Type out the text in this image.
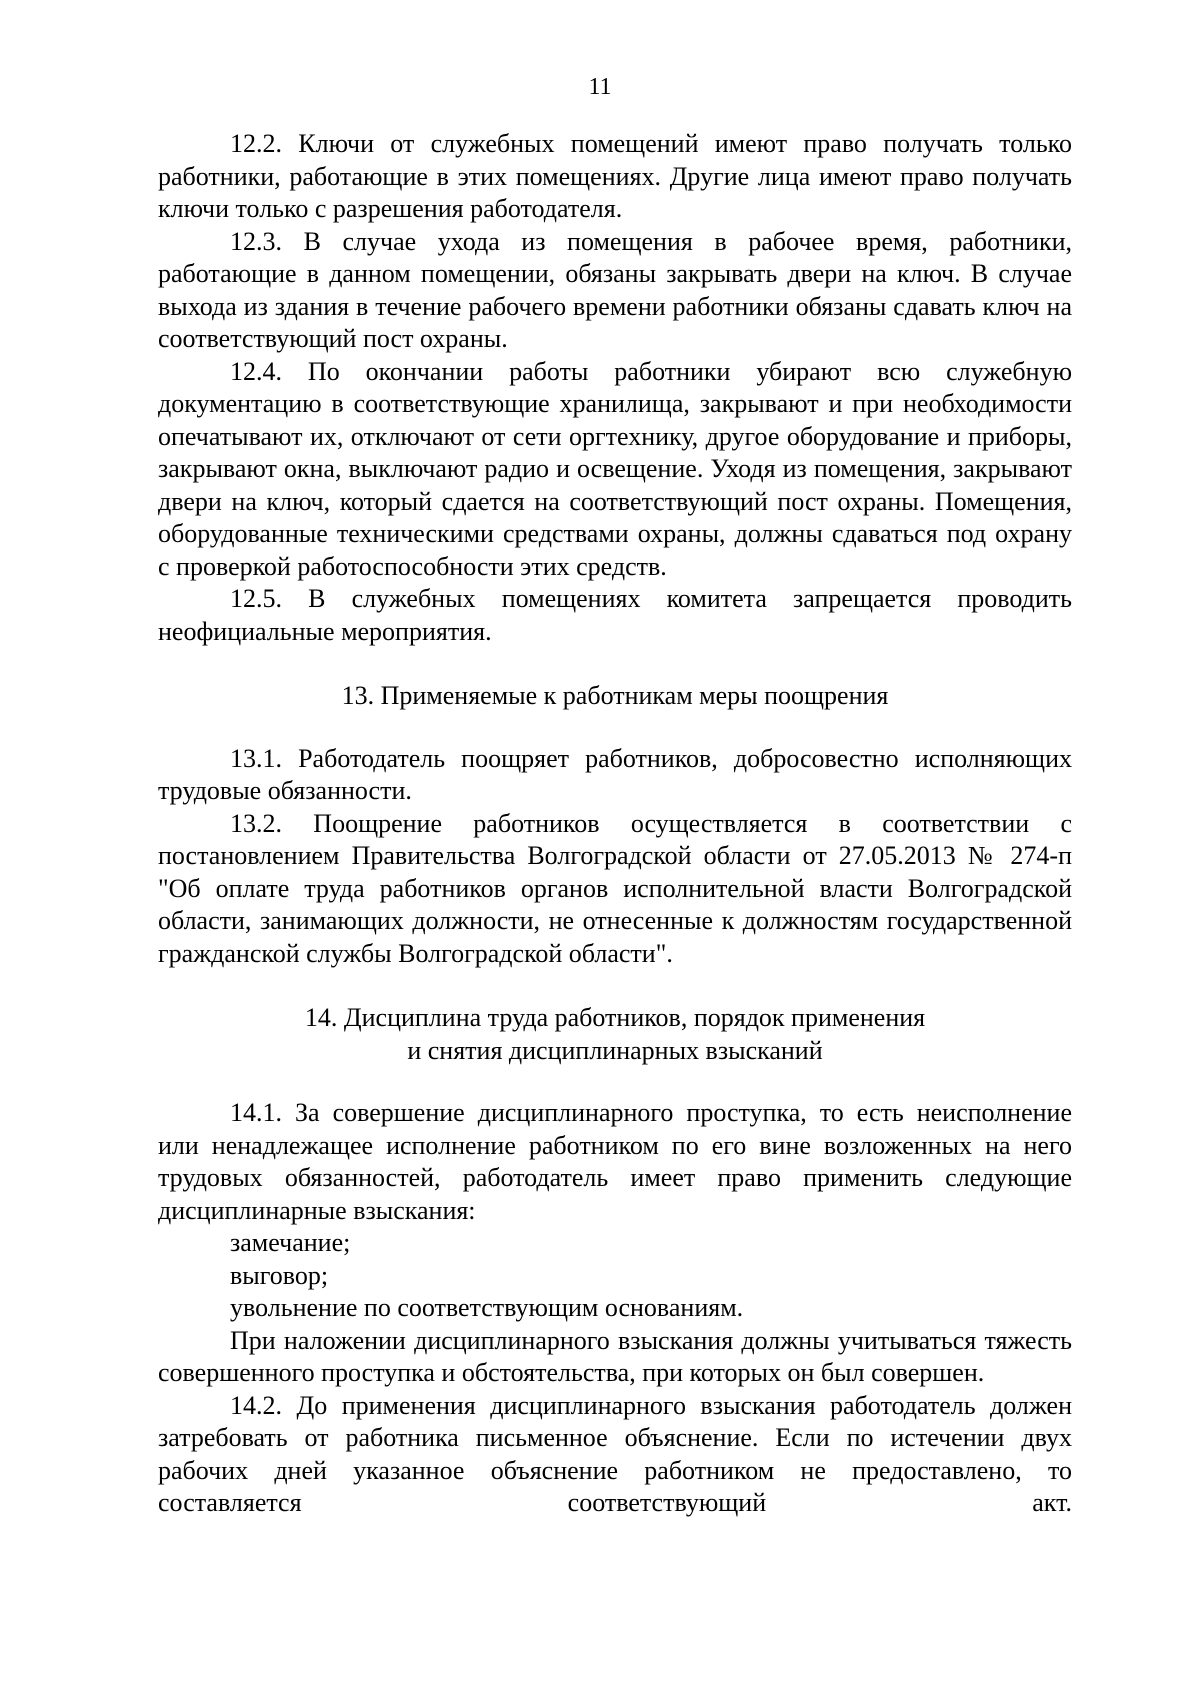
11

12.2. Ключи от служебных помещений имеют право получать только работники, работающие в этих помещениях. Другие лица имеют право получать ключи только с разрешения работодателя.

12.3. В случае ухода из помещения в рабочее время, работники, работающие в данном помещении, обязаны закрывать двери на ключ. В случае выхода из здания в течение рабочего времени работники обязаны сдавать ключ на соответствующий пост охраны.

12.4. По окончании работы работники убирают всю служебную документацию в соответствующие хранилища, закрывают и при необходимости опечатывают их, отключают от сети оргтехнику, другое оборудование и приборы, закрывают окна, выключают радио и освещение. Уходя из помещения, закрывают двери на ключ, который сдается на соответствующий пост охраны. Помещения, оборудованные техническими средствами охраны, должны сдаваться под охрану с проверкой работоспособности этих средств.

12.5. В служебных помещениях комитета запрещается проводить неофициальные мероприятия.

13. Применяемые к работникам меры поощрения

13.1. Работодатель поощряет работников, добросовестно исполняющих трудовые обязанности.

13.2. Поощрение работников осуществляется в соответствии с постановлением Правительства Волгоградской области от 27.05.2013 № 274-п "Об оплате труда работников органов исполнительной власти Волгоградской области, занимающих должности, не отнесенные к должностям государственной гражданской службы Волгоградской области".

14. Дисциплина труда работников, порядок применения

и снятия дисциплинарных взысканий

14.1. За совершение дисциплинарного проступка, то есть неисполнение или ненадлежащее исполнение работником по его вине возложенных на него трудовых обязанностей, работодатель имеет право применить следующие дисциплинарные взыскания:

замечание;

выговор;

увольнение по соответствующим основаниям.

При наложении дисциплинарного взыскания должны учитываться тяжесть совершенного проступка и обстоятельства, при которых он был совершен.

14.2. До применения дисциплинарного взыскания работодатель должен затребовать от работника письменное объяснение. Если по истечении двух рабочих дней указанное объяснение работником не предоставлено, то составляется соответствующий акт.
